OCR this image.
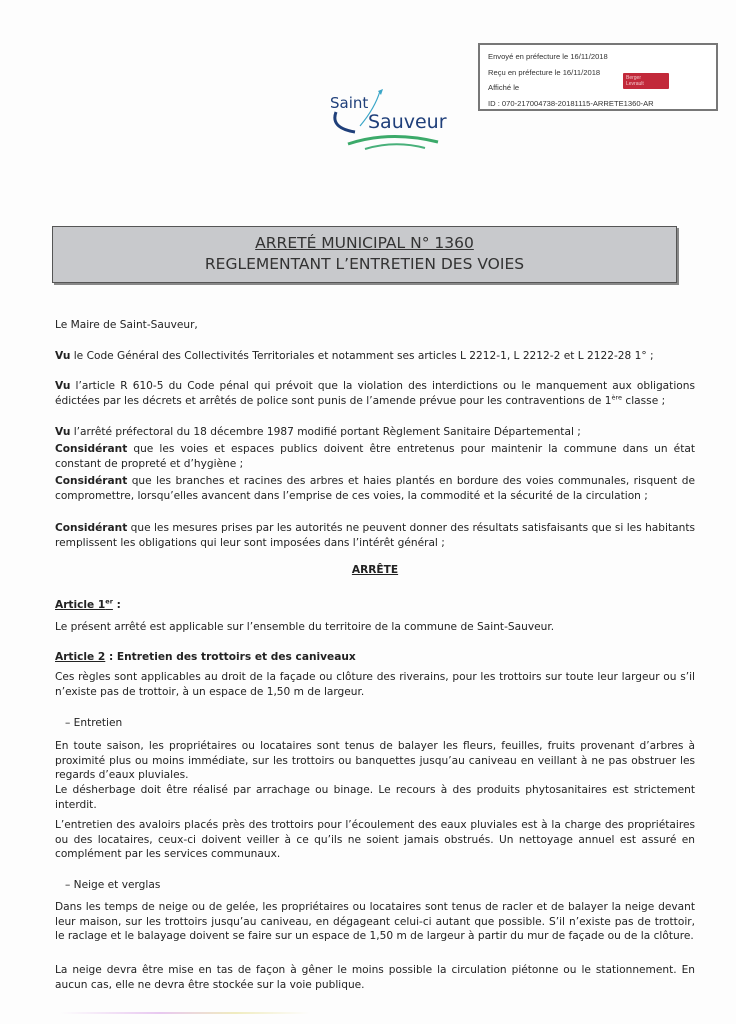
Envoyé en préfecture le 16/11/2018
Reçu en préfecture le 16/11/2018
Affiché le
ID : 070-217004738-20181115-ARRETE1360-AR
Berger
Levrault
Saint
Sauveur
ARRETÉ MUNICIPAL N° 1360
REGLEMENTANT L’ENTRETIEN DES VOIES

Le Maire de Saint-Sauveur,

Vu le Code Général des Collectivités Territoriales et notamment ses articles L 2212-1, L 2212-2 et L 2122-28 1° ;

Vu l’article R 610-5 du Code pénal qui prévoit que la violation des interdictions ou le manquement aux obligations édictées par les décrets et arrêtés de police sont punis de l’amende prévue pour les contraventions de 1ère classe ;

Vu l’arrêté préfectoral du 18 décembre 1987 modifié portant Règlement Sanitaire Départemental ;

Considérant que les voies et espaces publics doivent être entretenus pour maintenir la commune dans un état constant de propreté et d’hygiène ;

Considérant que les branches et racines des arbres et haies plantés en bordure des voies communales, risquent de compromettre, lorsqu’elles avancent dans l’emprise de ces voies, la commodité et la sécurité de la circulation ;

Considérant que les mesures prises par les autorités ne peuvent donner des résultats satisfaisants que si les habitants remplissent les obligations qui leur sont imposées dans l’intérêt général ;

ARRÊTE

Article 1er :

Le présent arrêté est applicable sur l’ensemble du territoire de la commune de Saint-Sauveur.

Article 2 : Entretien des trottoirs et des caniveaux

Ces règles sont applicables au droit de la façade ou clôture des riverains, pour les trottoirs sur toute leur largeur ou s’il n’existe pas de trottoir, à un espace de 1,50 m de largeur.

– Entretien

En toute saison, les propriétaires ou locataires sont tenus de balayer les fleurs, feuilles, fruits provenant d’arbres à proximité plus ou moins immédiate, sur les trottoirs ou banquettes jusqu’au caniveau en veillant à ne pas obstruer les regards d’eaux pluviales.

Le désherbage doit être réalisé par arrachage ou binage. Le recours à des produits phytosanitaires est strictement interdit.

L’entretien des avaloirs placés près des trottoirs pour l’écoulement des eaux pluviales est à la charge des propriétaires ou des locataires, ceux-ci doivent veiller à ce qu’ils ne soient jamais obstrués. Un nettoyage annuel est assuré en complément par les services communaux.

– Neige et verglas

Dans les temps de neige ou de gelée, les propriétaires ou locataires sont tenus de racler et de balayer la neige devant leur maison, sur les trottoirs jusqu’au caniveau, en dégageant celui-ci autant que possible. S’il n’existe pas de trottoir, le raclage et le balayage doivent se faire sur un espace de 1,50 m de largeur à partir du mur de façade ou de la clôture.

La neige devra être mise en tas de façon à gêner le moins possible la circulation piétonne ou le stationnement. En aucun cas, elle ne devra être stockée sur la voie publique.
